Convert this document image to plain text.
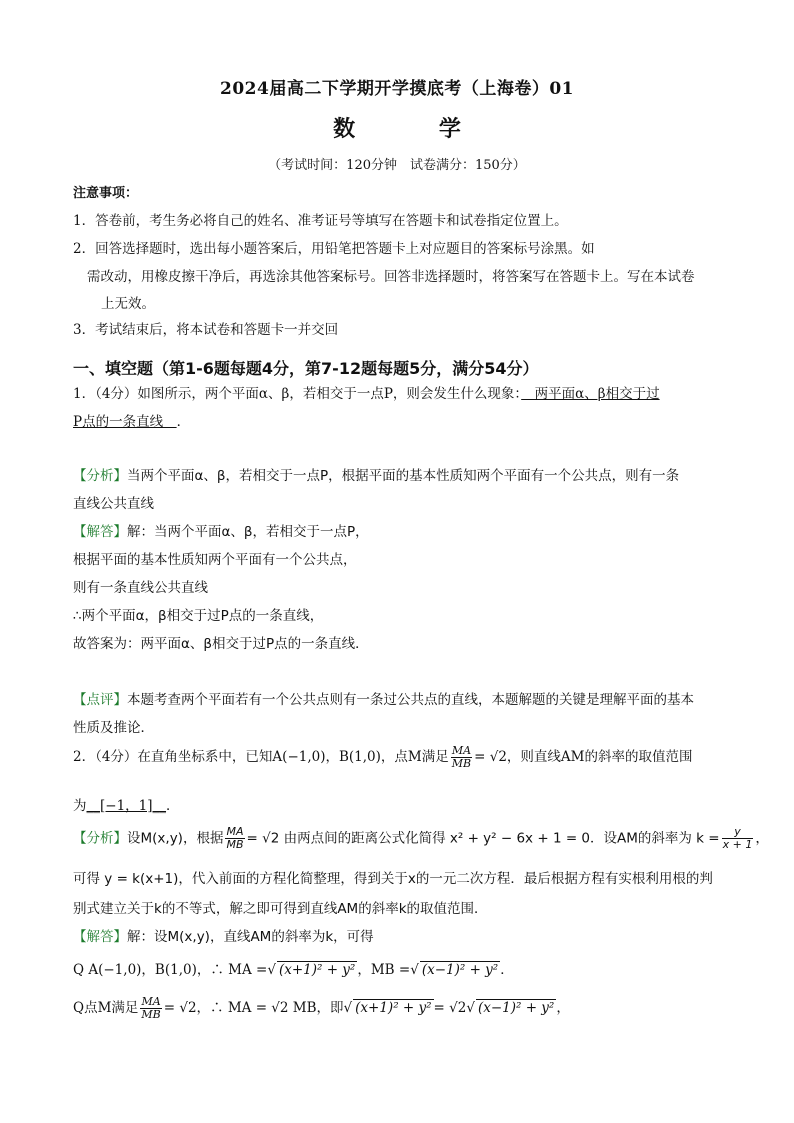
2024届高二下学期开学摸底考（上海卷）01
数 学
（考试时间：120分钟　试卷满分：150分）
注意事项：
1．答卷前，考生务必将自己的姓名、准考证号等填写在答题卡和试卷指定位置上。
2．回答选择题时，选出每小题答案后，用铅笔把答题卡上对应题目的答案标号涂黑。如
需改动，用橡皮擦干净后，再选涂其他答案标号。回答非选择题时，将答案写在答题卡上。写在本试卷
上无效。
3．考试结束后，将本试卷和答题卡一并交回
一、填空题（第1-6题每题4分，第7-12题每题5分，满分54分）
1．（4分）如图所示，两个平面α、β，若相交于一点P，则会发生什么现象：　两平面α、β相交于过
P点的一条直线　．
【分析】当两个平面α、β，若相交于一点P，根据平面的基本性质知两个平面有一个公共点，则有一条
直线公共直线
【解答】解：当两个平面α、β，若相交于一点P，
根据平面的基本性质知两个平面有一个公共点，
则有一条直线公共直线
∴两个平面α，β相交于过P点的一条直线，
故答案为：两平面α、β相交于过P点的一条直线．
【点评】本题考查两个平面若有一个公共点则有一条过公共点的直线，本题解题的关键是理解平面的基本
性质及推论．
2．（4分）在直角坐标系中，已知A(−1,0)，B(1,0)，点M满足 $\frac{MA}{MB} = √2$，则直线AM的斜率的取值范围
为__[−1，1]__．
【分析】设M(x,y)，根据 $\frac{MA}{MB} = √2$ 由两点间的距离公式化简得 x² + y² − 6x + 1 = 0．设AM的斜率为 $k = \frac{y}{x + 1}$ ，
可得 y = k(x+1)，代入前面的方程化简整理，得到关于x的一元二次方程．最后根据方程有实根利用根的判
别式建立关于k的不等式，解之即可得到直线AM的斜率k的取值范围．
【解答】解：设M(x,y)，直线AM的斜率为k，可得
Q A(−1,0)，B(1,0)，∴ MA =√ (x+1)² + y² ，MB =√ (x−1)² + y² ．
Q点M满足 $\frac{MA}{MB} = √2$，∴ MA = √2 MB，即√ (x+1)² + y² = √2√ (x−1)² + y² ，
